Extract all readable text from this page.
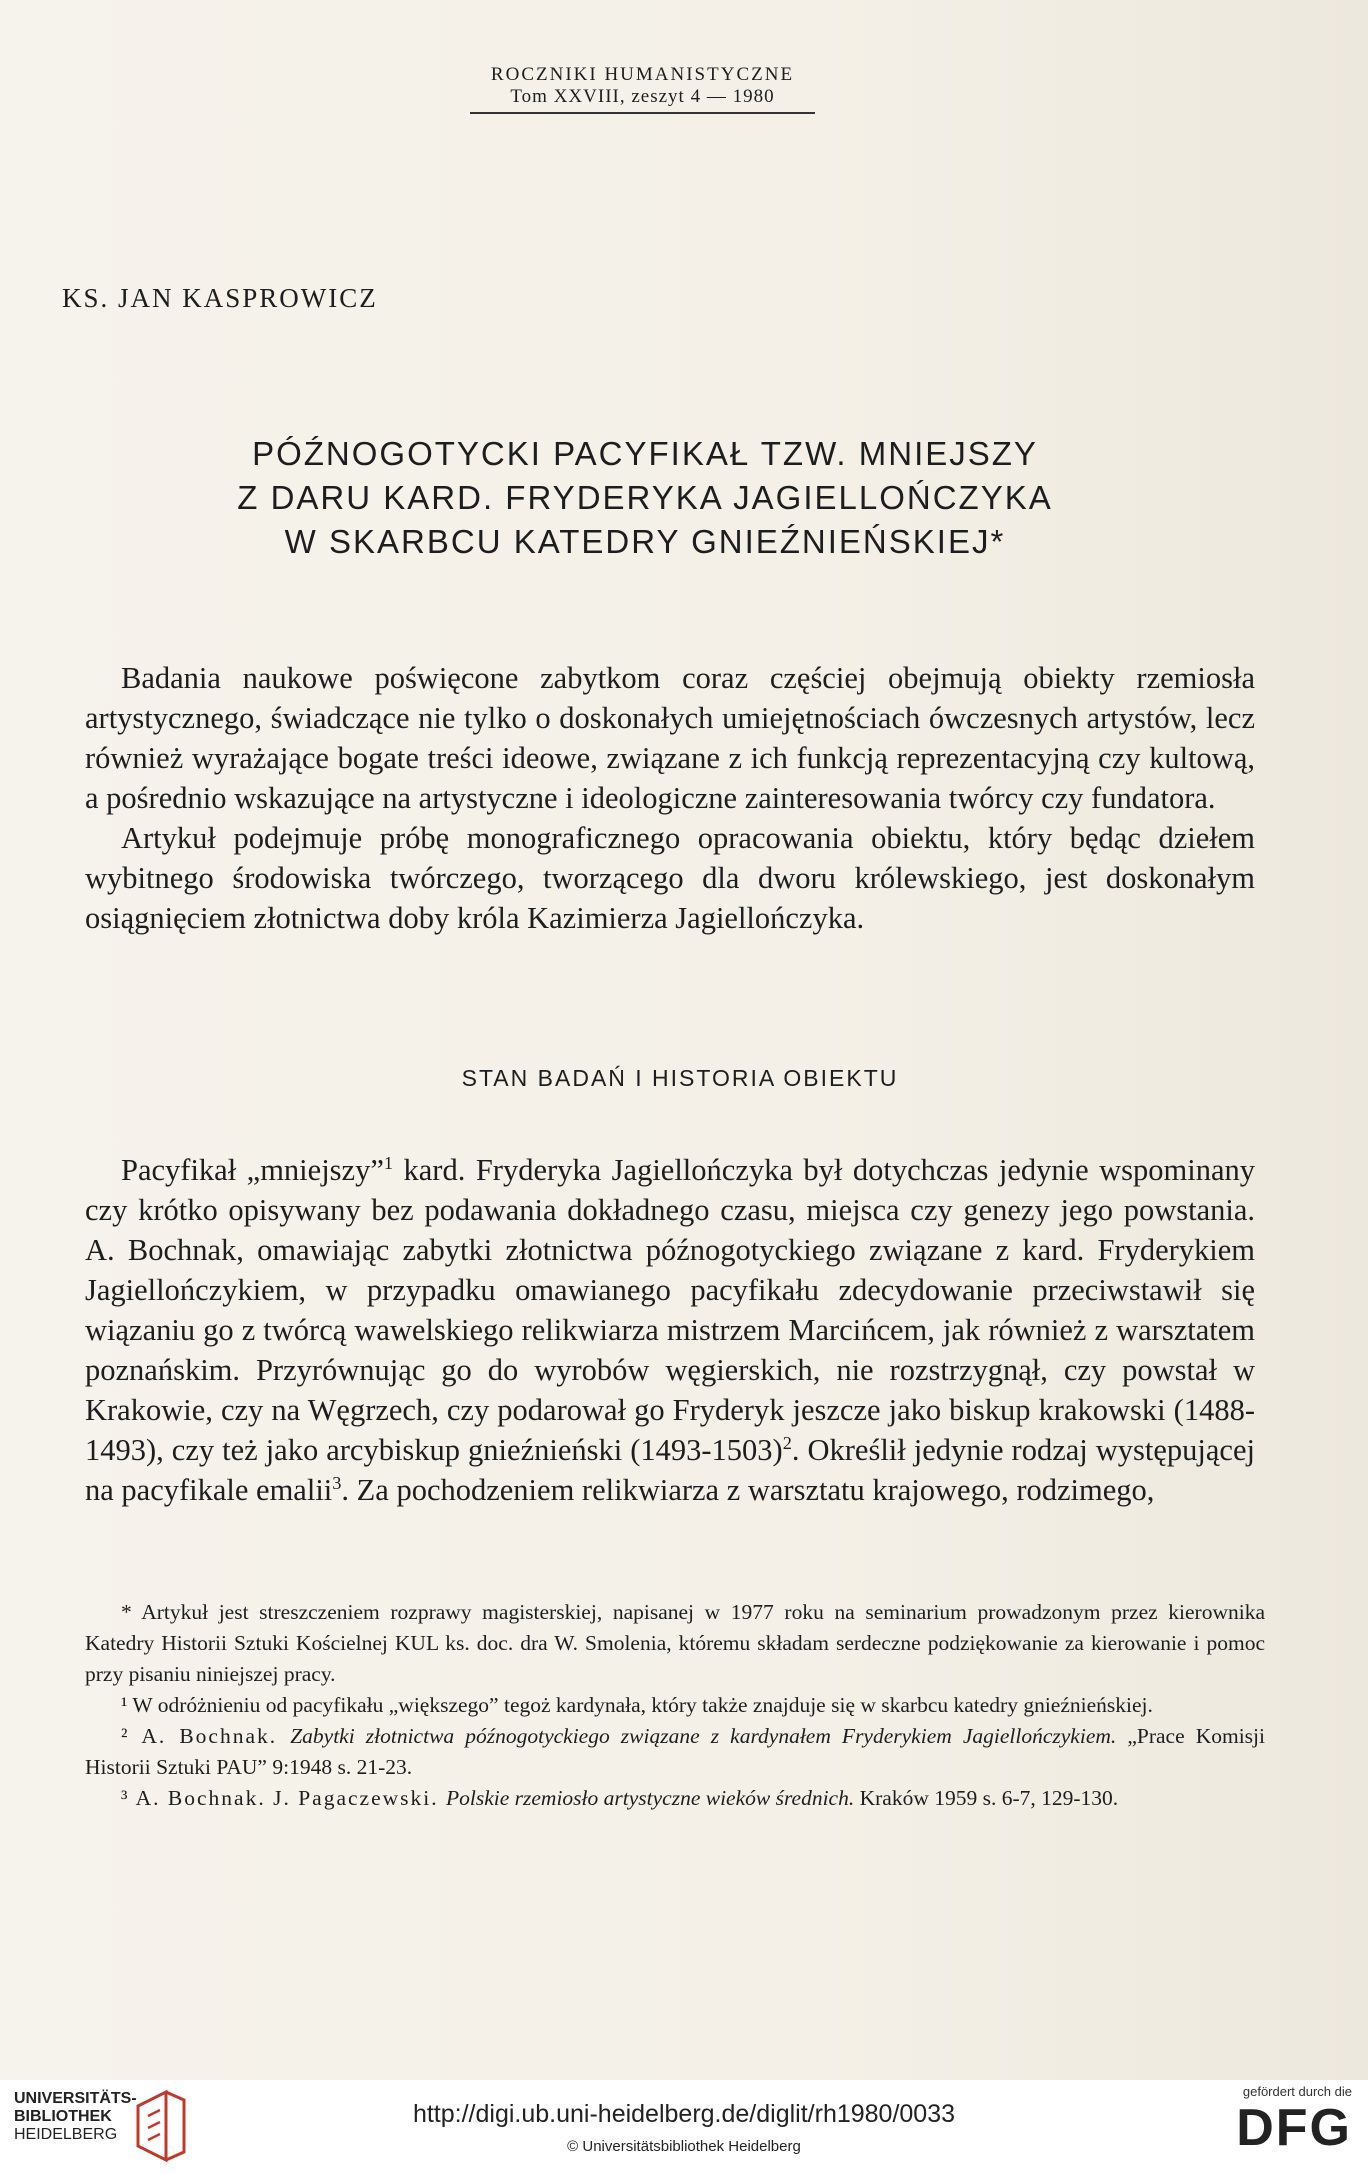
ROCZNIKI HUMANISTYCZNE
Tom XXVIII, zeszyt 4 — 1980
KS. JAN KASPROWICZ
PÓŹNOGOTYCKI PACYFIKAŁ TZW. MNIEJSZY
Z DARU KARD. FRYDERYKA JAGIELLOŃCZYKA
W SKARBCU KATEDRY GNIEŹNIEŃSKIEJ*

Badania naukowe poświęcone zabytkom coraz częściej obejmują obiekty rzemiosła artystycznego, świadczące nie tylko o doskonałych umiejętnościach ówczesnych artystów, lecz również wyrażające bogate treści ideowe, związane z ich funkcją reprezentacyjną czy kultową, a pośrednio wskazujące na artystyczne i ideologiczne zainteresowania twórcy czy fundatora.

Artykuł podejmuje próbę monograficznego opracowania obiektu, który będąc dziełem wybitnego środowiska twórczego, tworzącego dla dworu królewskiego, jest doskonałym osiągnięciem złotnictwa doby króla Kazimierza Jagiellończyka.

STAN BADAŃ I HISTORIA OBIEKTU

Pacyfikał „mniejszy”$^1$ kard. Fryderyka Jagiellończyka był dotychczas jedynie wspominany czy krótko opisywany bez podawania dokładnego czasu, miejsca czy genezy jego powstania. A. Bochnak, omawiając zabytki złotnictwa późnogotyckiego związane z kard. Fryderykiem Jagiellończykiem, w przypadku omawianego pacyfikału zdecydowanie przeciwstawił się wiązaniu go z twórcą wawelskiego relikwiarza mistrzem Marcińcem, jak również z warsztatem poznańskim. Przyrównując go do wyrobów węgierskich, nie rozstrzygnął, czy powstał w Krakowie, czy na Węgrzech, czy podarował go Fryderyk jeszcze jako biskup krakowski (1488-1493), czy też jako arcybiskup gnieźnieński (1493-1503)$^2$. Określił jedynie rodzaj występującej na pacyfikale emalii$^3$. Za pochodzeniem relikwiarza z warsztatu krajowego, rodzimego,

* Artykuł jest streszczeniem rozprawy magisterskiej, napisanej w 1977 roku na seminarium prowadzonym przez kierownika Katedry Historii Sztuki Kościelnej KUL ks. doc. dra W. Smolenia, któremu składam serdeczne podziękowanie za kierowanie i pomoc przy pisaniu niniejszej pracy.

¹ W odróżnieniu od pacyfikału „większego” tegoż kardynała, który także znajduje się w skarbcu katedry gnieźnieńskiej.

² A. Bochnak. Zabytki złotnictwa późnogotyckiego związane z kardynałem Fryderykiem Jagiellończykiem. „Prace Komisji Historii Sztuki PAU” 9:1948 s. 21-23.

³ A. Bochnak. J. Pagaczewski. Polskie rzemiosło artystyczne wieków średnich. Kraków 1959 s. 6-7, 129-130.

UNIVERSITÄTS-
BIBLIOTHEK
HEIDELBERG
http://digi.ub.uni-heidelberg.de/diglit/rh1980/0033
© Universitätsbibliothek Heidelberg
gefördert durch die
DFG
